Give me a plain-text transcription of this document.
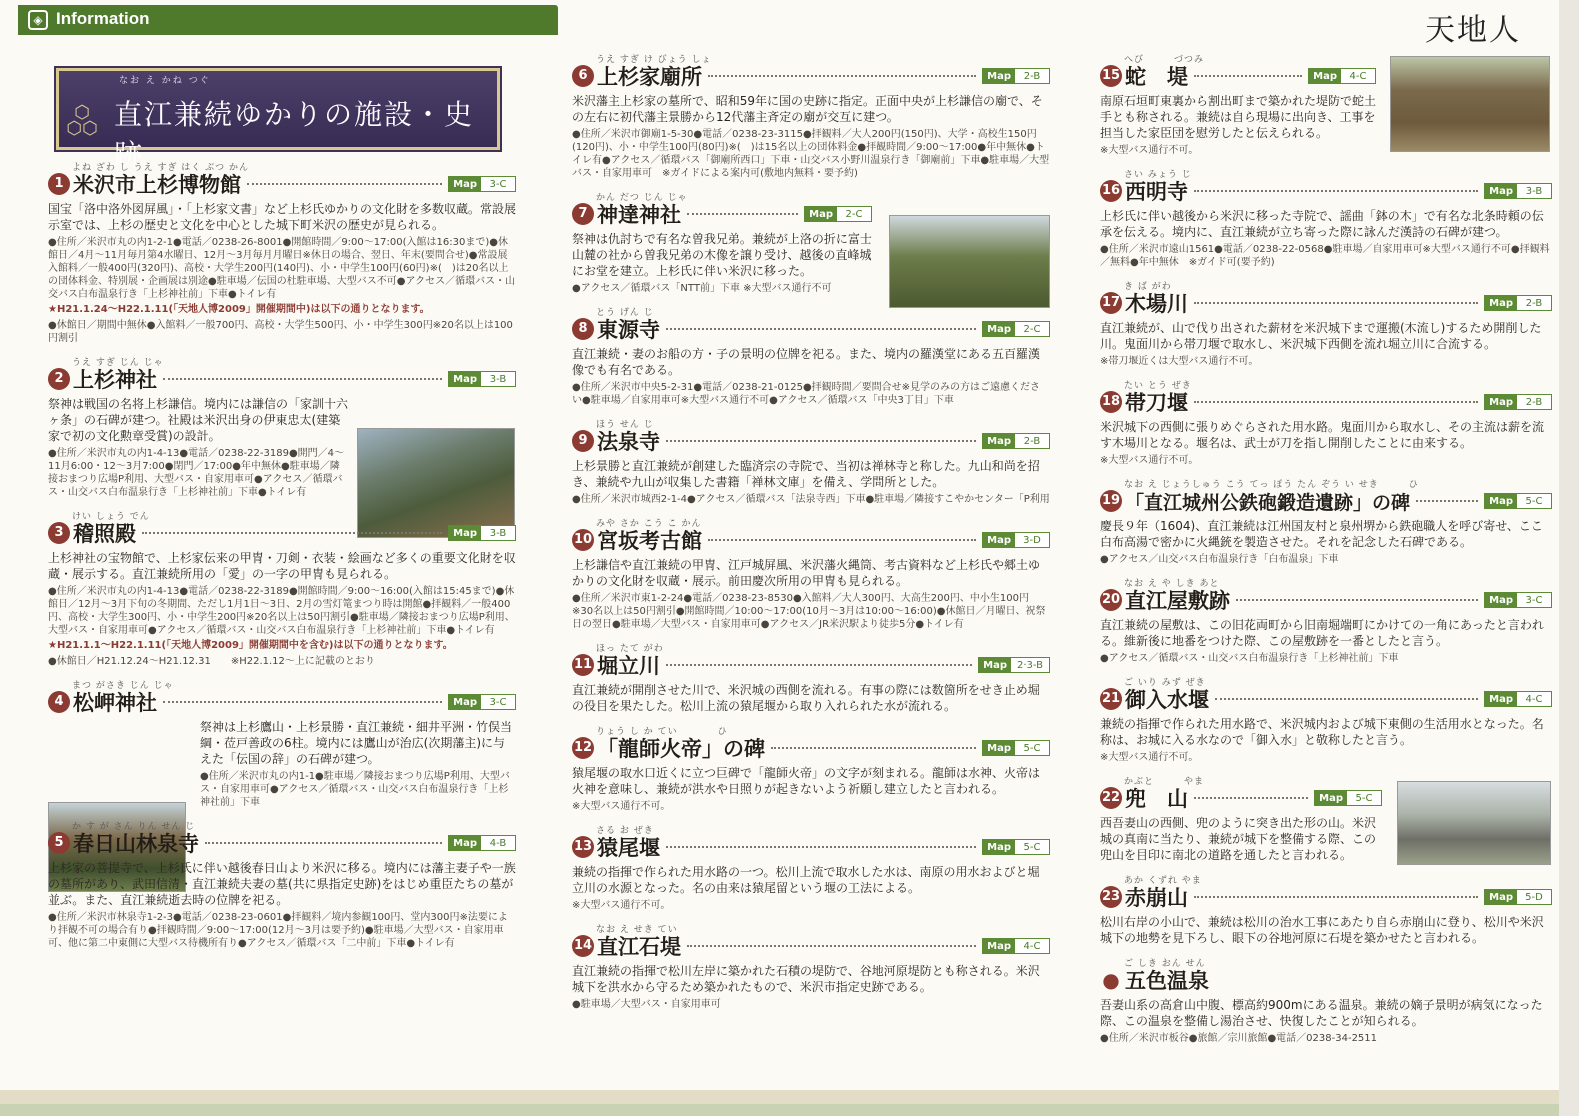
◈ Information	天地人
⬡
⬡⬡
なお え かね つぐ
直江兼続ゆかりの施設・史跡
よね ざわ し うえ すぎ はく ぶつ かん
1 米沢市上杉博物館	Map	3-C
国宝「洛中洛外図屏風」・「上杉家文書」など上杉氏ゆかりの文化財を多数収蔵。常設展示室では、上杉の歴史と文化を中心とした城下町米沢の歴史が見られる。
●住所／米沢市丸の内1-2-1●電話／0238-26-8001●開館時間／9:00～17:00(入館は16:30まで)●休館日／4月～11月毎月第4水曜日、12月～3月毎月月曜日※休日の場合、翌日、年末(要問合せ)●常設展入館料／一般400円(320円)、高校・大学生200円(140円)、小・中学生100円(60円)※(　)は20名以上の団体料金、特別展・企画展は別途●駐車場／伝国の杜駐車場、大型バス不可●アクセス／循環バス・山交バス白布温泉行き「上杉神社前」下車●トイレ有
★H21.1.24～H22.1.11(「天地人博2009」開催期間中)は以下の通りとなります。
●休館日／期間中無休●入館料／一般700円、高校・大学生500円、小・中学生300円※20名以上は100円割引
うえ すぎ じん じゃ
2 上杉神社	Map	3-B
祭神は戦国の名将上杉謙信。境内には謙信の「家訓十六ヶ条」の石碑が建つ。社殿は米沢出身の伊東忠太(建築家で初の文化勲章受賞)の設計。
●住所／米沢市丸の内1-4-13●電話／0238-22-3189●開門／4～11月6:00・12～3月7:00●閉門／17:00●年中無休●駐車場／隣接おまつり広場P利用、大型バス・自家用車可●アクセス／循環バス・山交バス白布温泉行き「上杉神社前」下車●トイレ有
けい しょう でん
3 稽照殿	Map	3-B
上杉神社の宝物館で、上杉家伝来の甲冑・刀剣・衣装・絵画など多くの重要文化財を収蔵・展示する。直江兼続所用の「愛」の一字の甲冑も見られる。
●住所／米沢市丸の内1-4-13●電話／0238-22-3189●開館時間／9:00～16:00(入館は15:45まで)●休館日／12月～3月下旬の冬期間、ただし1月1日～3日、2月の雪灯篭まつり時は開館●拝観料／一般400円、高校・大学生300円、小・中学生200円※20名以上は50円割引●駐車場／隣接おまつり広場P利用、大型バス・自家用車可●アクセス／循環バス・山交バス白布温泉行き「上杉神社前」下車●トイレ有
★H21.1.1～H22.1.11(「天地人博2009」開催期間中を含む)は以下の通りとなります。
●休館日／H21.12.24～H21.12.31　　※H22.1.12～上に記載のとおり
まつ がさき じん じゃ
4 松岬神社	Map	3-C
祭神は上杉鷹山・上杉景勝・直江兼続・細井平洲・竹俣当綱・莅戸善政の6柱。境内には鷹山が治広(次期藩主)に与えた「伝国の辞」の石碑が建つ。
●住所／米沢市丸の内1-1●駐車場／隣接おまつり広場P利用、大型バス・自家用車可●アクセス／循環バス・山交バス白布温泉行き「上杉神社前」下車
か す が さん りん せん じ
5 春日山林泉寺	Map	4-B
上杉家の菩提寺で、上杉氏に伴い越後春日山より米沢に移る。境内には藩主妻子や一族の墓所があり、武田信清・直江兼続夫妻の墓(共に県指定史跡)をはじめ重臣たちの墓が並ぶ。また、直江兼続逝去時の位牌を祀る。
●住所／米沢市林泉寺1-2-3●電話／0238-23-0601●拝観料／境内参観100円、堂内300円※法要により拝観不可の場合有り●拝観時間／9:00～17:00(12月～3月は要予約)●駐車場／大型バス・自家用車可、他に第二中東側に大型バス待機所有り●アクセス／循環バス「二中前」下車●トイレ有
うえ すぎ け びょう しょ
6 上杉家廟所	Map	2-B
米沢藩主上杉家の墓所で、昭和59年に国の史跡に指定。正面中央が上杉謙信の廟で、その左右に初代藩主景勝から12代藩主斉定の廟が交互に建つ。
●住所／米沢市御廟1-5-30●電話／0238-23-3115●拝観料／大人200円(150円)、大学・高校生150円(120円)、小・中学生100円(80円)※(　)は15名以上の団体料金●拝観時間／9:00～17:00●年中無休●トイレ有●アクセス／循環バス「御廟所西口」下車・山交バス小野川温泉行き「御廟前」下車●駐車場／大型バス・自家用車可　※ガイドによる案内可(敷地内無料・要予約)
かん だつ じん じゃ
7 神達神社	Map	2-C
祭神は仇討ちで有名な曽我兄弟。兼続が上洛の折に富士山麓の社から曽我兄弟の木像を譲り受け、越後の直峰城にお堂を建立。上杉氏に伴い米沢に移った。
●アクセス／循環バス「NTT前」下車 ※大型バス通行不可
とう げん じ
8 東源寺	Map	2-C
直江兼続・妻のお船の方・子の景明の位牌を祀る。また、境内の羅漢堂にある五百羅漢像でも有名である。
●住所／米沢市中央5-2-31●電話／0238-21-0125●拝観時間／要問合せ※見学のみの方はご遠慮ください●駐車場／自家用車可※大型バス通行不可●アクセス／循環バス「中央3丁目」下車
ほう せん じ
9 法泉寺	Map	2-B
上杉景勝と直江兼続が創建した臨済宗の寺院で、当初は禅林寺と称した。九山和尚を招き、兼続や九山が収集した書籍「禅林文庫」を備え、学問所とした。
●住所／米沢市城西2-1-4●アクセス／循環バス「法泉寺西」下車●駐車場／隣接すこやかセンター「P利用
みや さか こう こ かん
10 宮坂考古館	Map	3-D
上杉謙信や直江兼続の甲冑、江戸城屏風、米沢藩火縄筒、考古資料など上杉氏や郷土ゆかりの文化財を収蔵・展示。前田慶次所用の甲冑も見られる。
●住所／米沢市東1-2-24●電話／0238-23-8530●入館料／大人300円、大高生200円、中小生100円※30名以上は50円割引●開館時間／10:00～17:00(10月～3月は10:00～16:00)●休館日／月曜日、祝祭日の翌日●駐車場／大型バス・自家用車可●アクセス／JR米沢駅より徒歩5分●トイレ有
ほっ たて がわ
11 堀立川	Map	2·3-B
直江兼続が開削させた川で、米沢城の西側を流れる。有事の際には数箇所をせき止め堀の役目を果たした。松川上流の猿尾堰から取り入れられた水が流れる。
りょう し か てい　　　　ひ
12 「龍師火帝」の碑	Map	5-C
猿尾堰の取水口近くに立つ巨碑で「龍師火帝」の文字が刻まれる。龍師は水神、火帝は火神を意味し、兼続が洪水や日照りが起きないよう祈願し建立したと言われる。
※大型バス通行不可。
さる お ぜき
13 猿尾堰	Map	5-C
兼続の指揮で作られた用水路の一つ。松川上流で取水した水は、南原の用水およびと堀立川の水源となった。名の由来は猿尾留という堰の工法による。
※大型バス通行不可。
なお え せき てい
14 直江石堤	Map	4-C
直江兼続の指揮で松川左岸に築かれた石積の堤防で、谷地河原堤防とも称される。米沢城下を洪水から守るため築かれたもので、米沢市指定史跡である。
●駐車場／大型バス・自家用車可
へび　　　づつみ
15 蛇　堤	Map	4-C
南原石垣町東裏から割出町まで築かれた堤防で蛇土手とも称される。兼続は自ら現場に出向き、工事を担当した家臣団を慰労したと伝えられる。
※大型バス通行不可。
さい みょう じ
16 西明寺	Map	3-B
上杉氏に伴い越後から米沢に移った寺院で、謡曲「鉢の木」で有名な北条時頼の伝承を伝える。境内に、直江兼続が立ち寄った際に詠んだ漢詩の石碑が建つ。
●住所／米沢市遠山1561●電話／0238-22-0568●駐車場／自家用車可※大型バス通行不可●拝観料／無料●年中無休　※ガイド可(要予約)
き ば がわ
17 木場川	Map	2-B
直江兼続が、山で伐り出された薪材を米沢城下まで運搬(木流し)するため開削した川。鬼面川から帯刀堰で取水し、米沢城下西側を流れ堀立川に合流する。
※帯刀堰近くは大型バス通行不可。
たい とう ぜき
18 帯刀堰	Map	2-B
米沢城下の西側に張りめぐらされた用水路。鬼面川から取水し、その主流は薪を流す木場川となる。堰名は、武士が刀を指し開削したことに由来する。
※大型バス通行不可。
なお え じょうしゅう こう てっ ぽう たん ぞう い せき　　　ひ
19 「直江城州公鉄砲鍛造遺跡」の碑	Map	5-C
慶長９年（1604)、直江兼続は江州国友村と泉州堺から鉄砲職人を呼び寄せ、ここ白布高湯で密かに火縄銃を製造させた。それを記念した石碑である。
●アクセス／山交バス白布温泉行き「白布温泉」下車
なお え や しき あと
20 直江屋敷跡	Map	3-C
直江兼続の屋敷は、この旧花両町から旧南堀端町にかけての一角にあったと言われる。維新後に地番をつけた際、この屋敷跡を一番としたと言う。
●アクセス／循環バス・山交バス白布温泉行き「上杉神社前」下車
ご いり みず ぜき
21 御入水堰	Map	4-C
兼続の指揮で作られた用水路で、米沢城内および城下東側の生活用水となった。名称は、お城に入る水なので「御入水」と敬称したと言う。
※大型バス通行不可。
かぶと　　　やま
22 兜　山	Map	5-C
西吾妻山の西側、兜のように突き出た形の山。米沢城の真南に当たり、兼続が城下を整備する際、この兜山を目印に南北の道路を通したと言われる。
あか くずれ やま
23 赤崩山	Map	5-D
松川右岸の小山で、兼続は松川の治水工事にあたり自ら赤崩山に登り、松川や米沢城下の地勢を見下ろし、眼下の谷地河原に石堤を築かせたと言われる。
ご しき おん せん
● 五色温泉
吾妻山系の高倉山中腹、標高約900mにある温泉。兼続の嫡子景明が病気になった際、この温泉を整備し湯治させ、快復したことが知られる。
●住所／米沢市板谷●旅館／宗川旅館●電話／0238-34-2511
